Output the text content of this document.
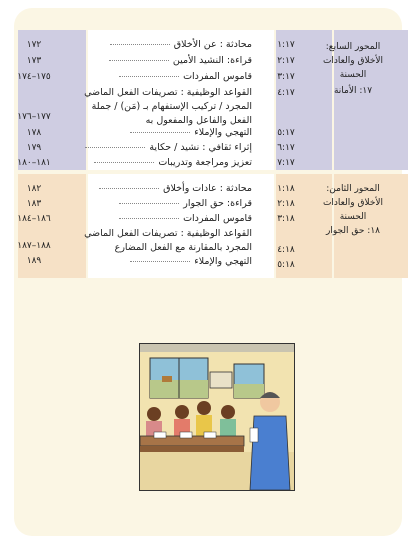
المحور السابع: الأخلاق والعادات الحسنة
١٧: الأمانة
١:١٧
محادثة : عن الأخلاق
١٧٢
٢:١٧
قراءة: النشيد الأمين
١٧٣
٣:١٧
قاموس المفردات
١٧٥–١٧٤
٤:١٧
القواعد الوظيفية : تصريفات الفعل الماضي المجرد / تركيب الإستفهام بـ (مَن) / جملة الفعل والفاعل والمفعول به
١٧٧–١٧٦
٥:١٧
التهجي والإملاء
١٧٨
٦:١٧
إثراء ثقافي : نشيد / حكاية
١٧٩
٧:١٧
تعزيز ومراجعة وتدريبات
١٨١–١٨٠
المحور الثامن: الأخلاق والعادات الحسنة
١٨: حق الجوار
١:١٨
محادثة : عادات وأخلاق
١٨٢
٢:١٨
قراءة: حق الجوار
١٨٣
٣:١٨
قاموس المفردات
١٨٦–١٨٤
القواعد الوظيفية : تصريفات الفعل الماضي المجرد بالمقارنة مع الفعل المضارع	٤:١٨
١٨٨–١٨٧
التهجي والإملاء
١٨٩	٥:١٨
